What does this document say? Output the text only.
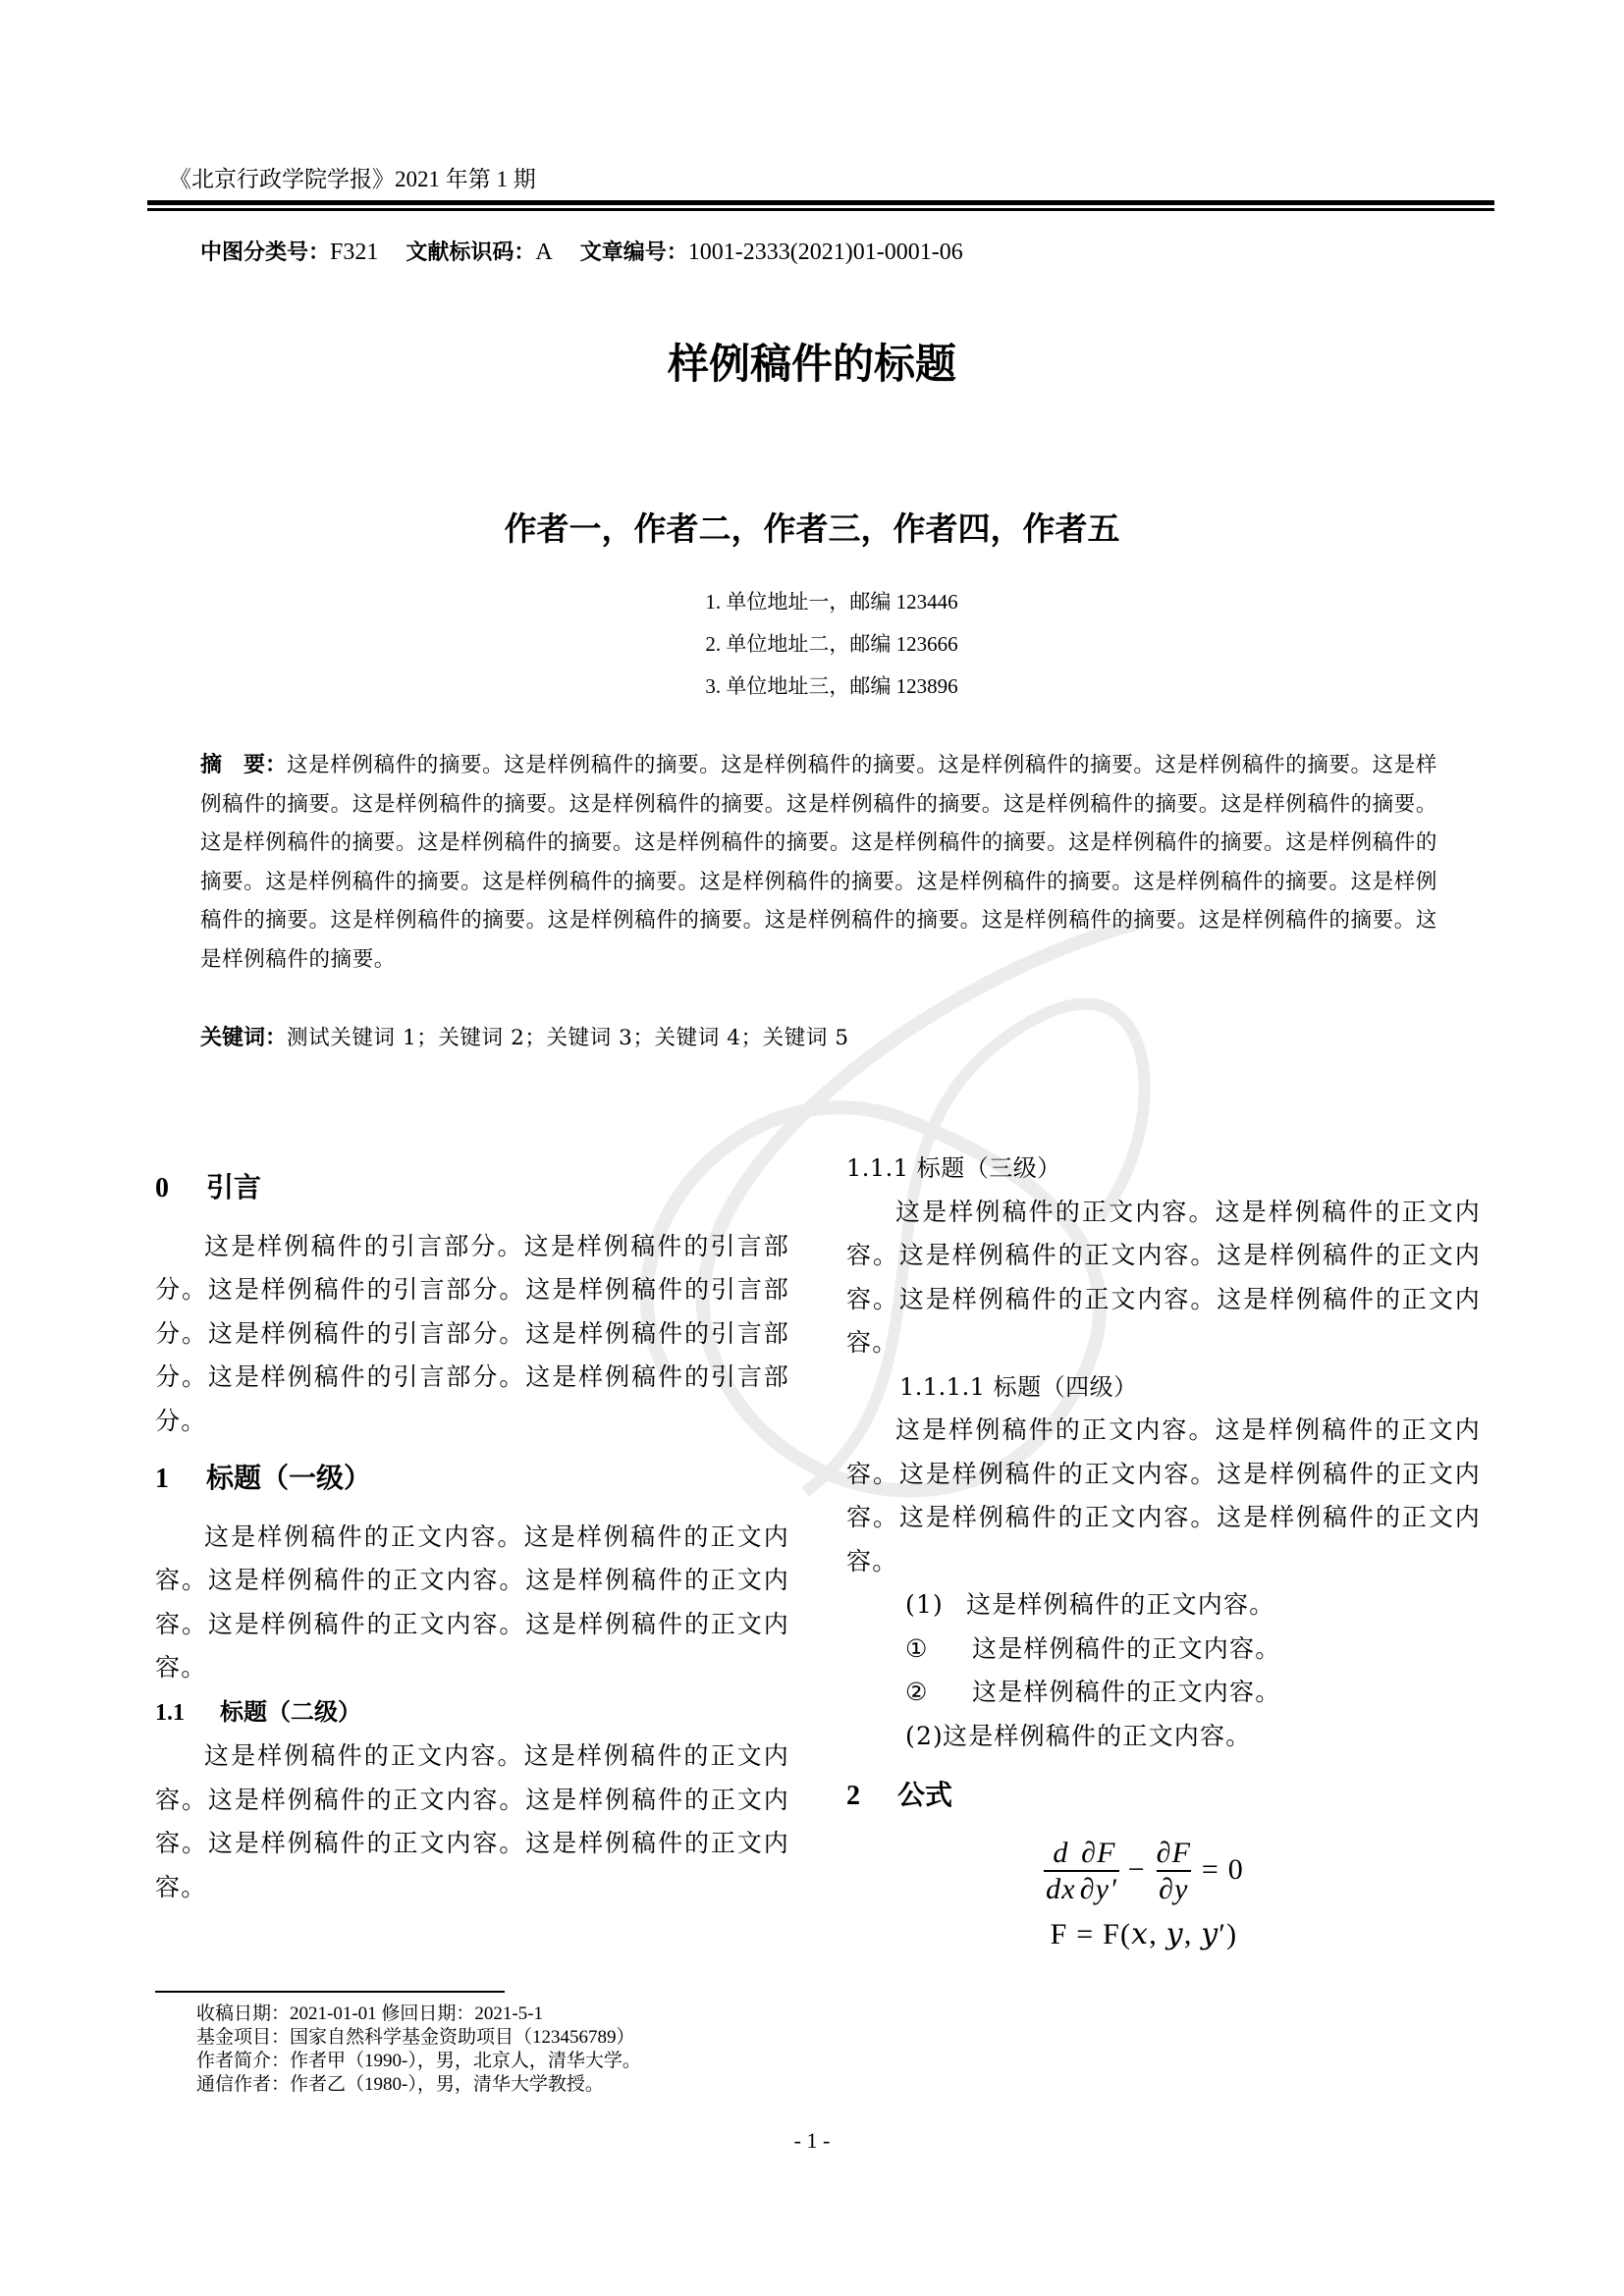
《北京行政学院学报》2021 年第 1 期
中图分类号：F321 文献标识码：A 文章编号：1001-2333(2021)01-0001-06
样例稿件的标题
作者一，作者二，作者三，作者四，作者五
1. 单位地址一，邮编 123446
2. 单位地址二，邮编 123666
3. 单位地址三，邮编 123896
摘　要：这是样例稿件的摘要。这是样例稿件的摘要。这是样例稿件的摘要。这是样例稿件的摘要。这是样例稿件的摘要。这是样例稿件的摘要。这是样例稿件的摘要。这是样例稿件的摘要。这是样例稿件的摘要。这是样例稿件的摘要。这是样例稿件的摘要。这是样例稿件的摘要。这是样例稿件的摘要。这是样例稿件的摘要。这是样例稿件的摘要。这是样例稿件的摘要。这是样例稿件的摘要。这是样例稿件的摘要。这是样例稿件的摘要。这是样例稿件的摘要。这是样例稿件的摘要。这是样例稿件的摘要。这是样例稿件的摘要。这是样例稿件的摘要。这是样例稿件的摘要。这是样例稿件的摘要。这是样例稿件的摘要。这是样例稿件的摘要。这是样例稿件的摘要。
关键词：测试关键词 1；关键词 2；关键词 3；关键词 4；关键词 5
0 引言

这是样例稿件的引言部分。这是样例稿件的引言部分。这是样例稿件的引言部分。这是样例稿件的引言部分。这是样例稿件的引言部分。这是样例稿件的引言部分。这是样例稿件的引言部分。这是样例稿件的引言部分。

1 标题（一级）

这是样例稿件的正文内容。这是样例稿件的正文内容。这是样例稿件的正文内容。这是样例稿件的正文内容。这是样例稿件的正文内容。这是样例稿件的正文内容。

1.1 标题（二级）

这是样例稿件的正文内容。这是样例稿件的正文内容。这是样例稿件的正文内容。这是样例稿件的正文内容。这是样例稿件的正文内容。这是样例稿件的正文内容。

1.1.1 标题（三级）

这是样例稿件的正文内容。这是样例稿件的正文内容。这是样例稿件的正文内容。这是样例稿件的正文内容。这是样例稿件的正文内容。这是样例稿件的正文内容。

1.1.1.1 标题（四级）

这是样例稿件的正文内容。这是样例稿件的正文内容。这是样例稿件的正文内容。这是样例稿件的正文内容。这是样例稿件的正文内容。这是样例稿件的正文内容。

(1) 这是样例稿件的正文内容。
① 这是样例稿件的正文内容。
② 这是样例稿件的正文内容。
(2)这是样例稿件的正文内容。
2 公式
$\frac{d}{dx} \frac{\partial F}{\partial y'} - \frac{\partial F}{\partial y} = 0$
F = F(𝑥, 𝑦, 𝑦′)
收稿日期：2021-01-01 修回日期：2021-5-1
基金项目：国家自然科学基金资助项目（123456789）
作者简介：作者甲（1990-），男，北京人，清华大学。
通信作者：作者乙（1980-），男，清华大学教授。
- 1 -
